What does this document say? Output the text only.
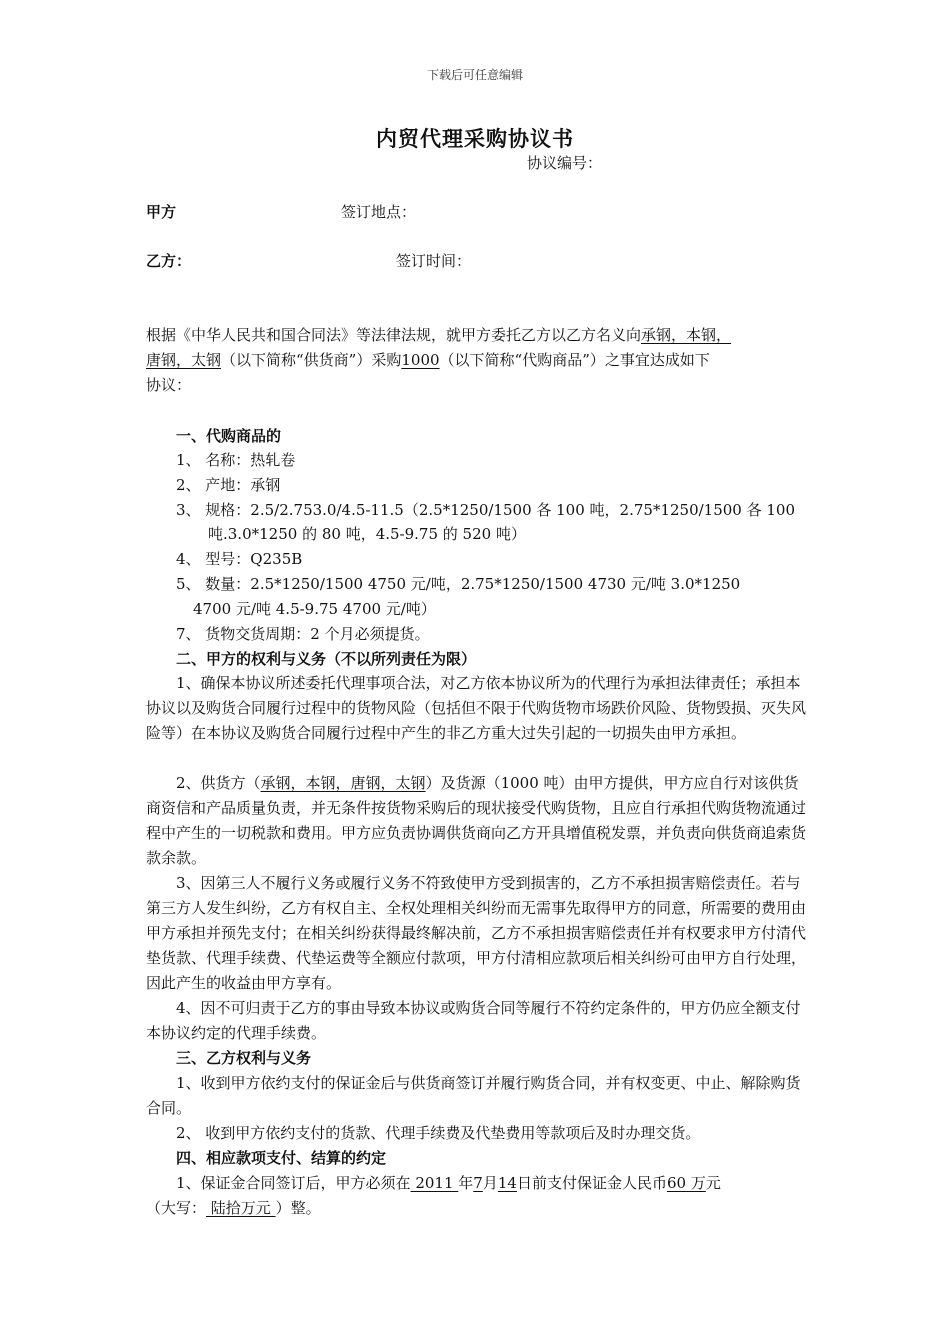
下载后可任意编辑
内贸代理采购协议书
协议编号：
甲方	签订地点：
乙方：	签订时间：
根据《中华人民共和国合同法》等法律法规，就甲方委托乙方以乙方名义向承钢，本钢，
唐钢，太钢（以下简称“供货商”）采购1000（以下简称“代购商品”）之事宜达成如下
协议：
一、代购商品的
1、 名称：热轧卷
2、 产地：承钢
3、 规格：2.5/2.753.0/4.5-11.5（2.5*1250/1500 各 100 吨，2.75*1250/1500 各 100
吨.3.0*1250 的 80 吨，4.5-9.75 的 520 吨）
4、 型号：Q235B
5、 数量：2.5*1250/1500 4750 元/吨，2.75*1250/1500 4730 元/吨 3.0*1250
4700 元/吨 4.5-9.75 4700 元/吨）
7、 货物交货周期：2 个月必须提货。
二、甲方的权利与义务（不以所列责任为限）
1、确保本协议所述委托代理事项合法，对乙方依本协议所为的代理行为承担法律责任；承担本协议以及购货合同履行过程中的货物风险（包括但不限于代购货物市场跌价风险、货物毁损、灭失风险等）在本协议及购货合同履行过程中产生的非乙方重大过失引起的一切损失由甲方承担。
2、供货方（承钢，本钢，唐钢，太钢）及货源（1000 吨）由甲方提供，甲方应自行对该供货商资信和产品质量负责，并无条件按货物采购后的现状接受代购货物，且应自行承担代购货物流通过程中产生的一切税款和费用。甲方应负责协调供货商向乙方开具增值税发票，并负责向供货商追索货款余款。
3、因第三人不履行义务或履行义务不符致使甲方受到损害的，乙方不承担损害赔偿责任。若与第三方人发生纠纷，乙方有权自主、全权处理相关纠纷而无需事先取得甲方的同意，所需要的费用由甲方承担并预先支付；在相关纠纷获得最终解决前，乙方不承担损害赔偿责任并有权要求甲方付清代垫货款、代理手续费、代垫运费等全额应付款项，甲方付清相应款项后相关纠纷可由甲方自行处理，因此产生的收益由甲方享有。
4、因不可归责于乙方的事由导致本协议或购货合同等履行不符约定条件的，甲方仍应全额支付本协议约定的代理手续费。
三、乙方权利与义务
1、收到甲方依约支付的保证金后与供货商签订并履行购货合同，并有权变更、中止、解除购货合同。
2、 收到甲方依约支付的货款、代理手续费及代垫费用等款项后及时办理交货。
四、相应款项支付、结算的约定
1、保证金合同签订后，甲方必须在 2011 年7月14日前支付保证金人民币60 万元
（大写： 陆拾万元 ）整。
